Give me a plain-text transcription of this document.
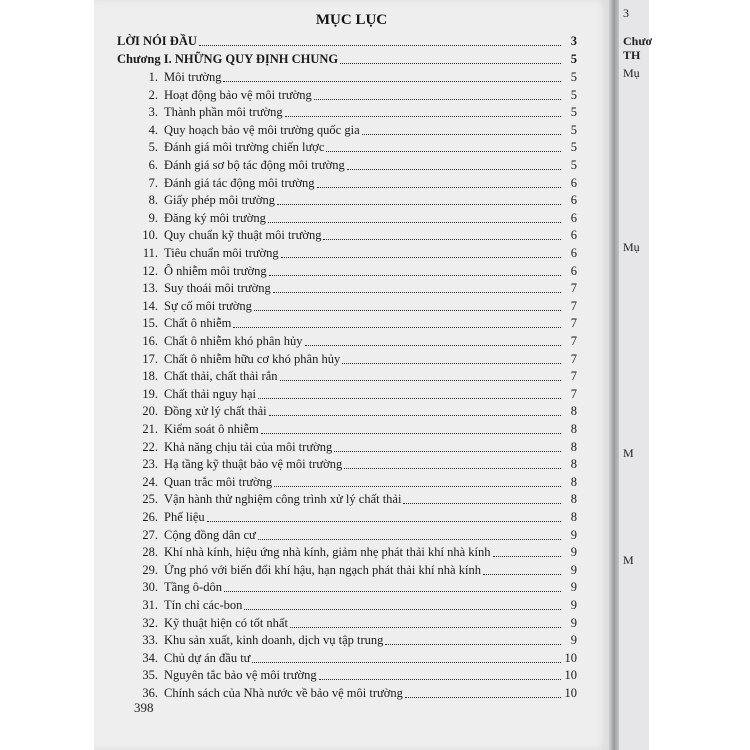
3
Chươ
TH
Mụ
Mụ
M
M
MỤC LỤC
LỜI NÓI ĐẦU	3
Chương I. NHỮNG QUY ĐỊNH CHUNG	5
1. Môi trường	5
2. Hoạt động bảo vệ môi trường	5
3. Thành phần môi trường	5
4. Quy hoạch bảo vệ môi trường quốc gia	5
5. Đánh giá môi trường chiến lược	5
6. Đánh giá sơ bộ tác động môi trường	5
7. Đánh giá tác động môi trường	6
8. Giấy phép môi trường	6
9. Đăng ký môi trường	6
10. Quy chuẩn kỹ thuật môi trường	6
11. Tiêu chuẩn môi trường	6
12. Ô nhiễm môi trường	6
13. Suy thoái môi trường	7
14. Sự cố môi trường	7
15. Chất ô nhiễm	7
16. Chất ô nhiễm khó phân hủy	7
17. Chất ô nhiễm hữu cơ khó phân hủy	7
18. Chất thải, chất thải rắn	7
19. Chất thải nguy hại	7
20. Đồng xử lý chất thải	8
21. Kiểm soát ô nhiễm	8
22. Khả năng chịu tải của môi trường	8
23. Hạ tầng kỹ thuật bảo vệ môi trường	8
24. Quan trắc môi trường	8
25. Vận hành thử nghiệm công trình xử lý chất thải	8
26. Phế liệu	8
27. Cộng đồng dân cư	9
28. Khí nhà kính, hiệu ứng nhà kính, giảm nhẹ phát thải khí nhà kính	9
29. Ứng phó với biến đổi khí hậu, hạn ngạch phát thải khí nhà kính	9
30. Tầng ô-dôn	9
31. Tín chỉ các-bon	9
32. Kỹ thuật hiện có tốt nhất	9
33. Khu sản xuất, kinh doanh, dịch vụ tập trung	9
34. Chủ dự án đầu tư	10
35. Nguyên tắc bảo vệ môi trường	10
36. Chính sách của Nhà nước về bảo vệ môi trường	10
398
